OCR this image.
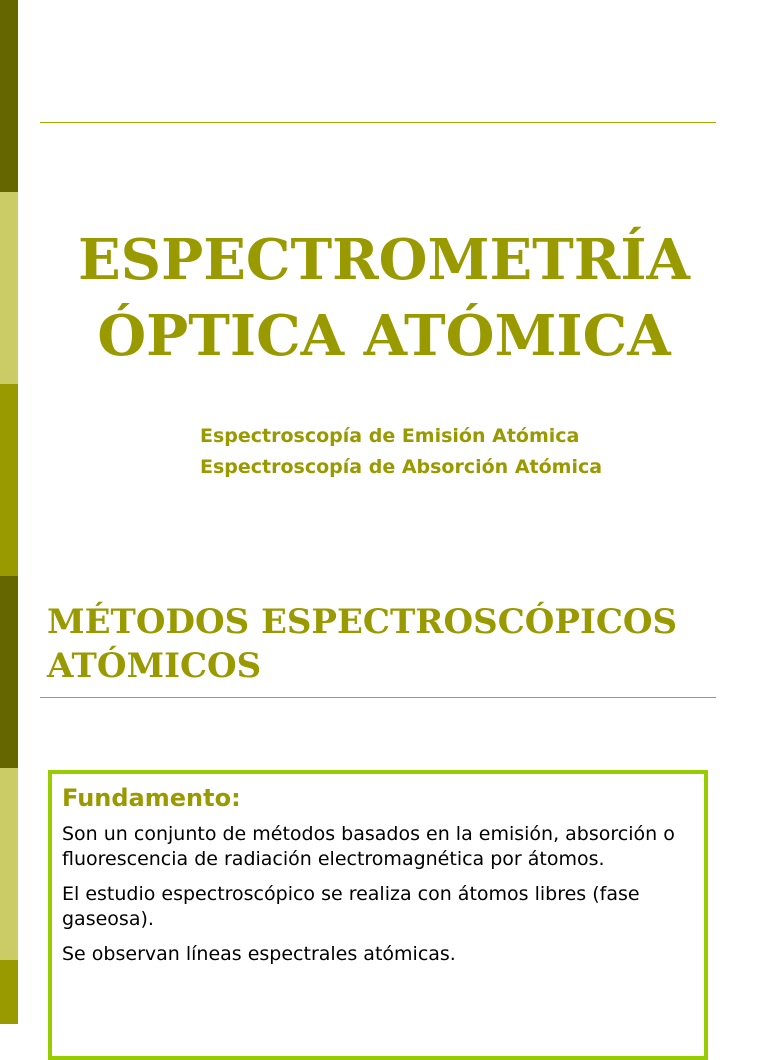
ESPECTROMETRÍA
ÓPTICA ATÓMICA
Espectroscopía de Emisión Atómica
Espectroscopía de Absorción Atómica
MÉTODOS ESPECTROSCÓPICOS
ATÓMICOS
Fundamento:

Son un conjunto de métodos basados en la emisión, absorción o fluorescencia de radiación electromagnética por átomos.

El estudio espectroscópico se realiza con átomos libres (fase gaseosa).

Se observan líneas espectrales atómicas.
